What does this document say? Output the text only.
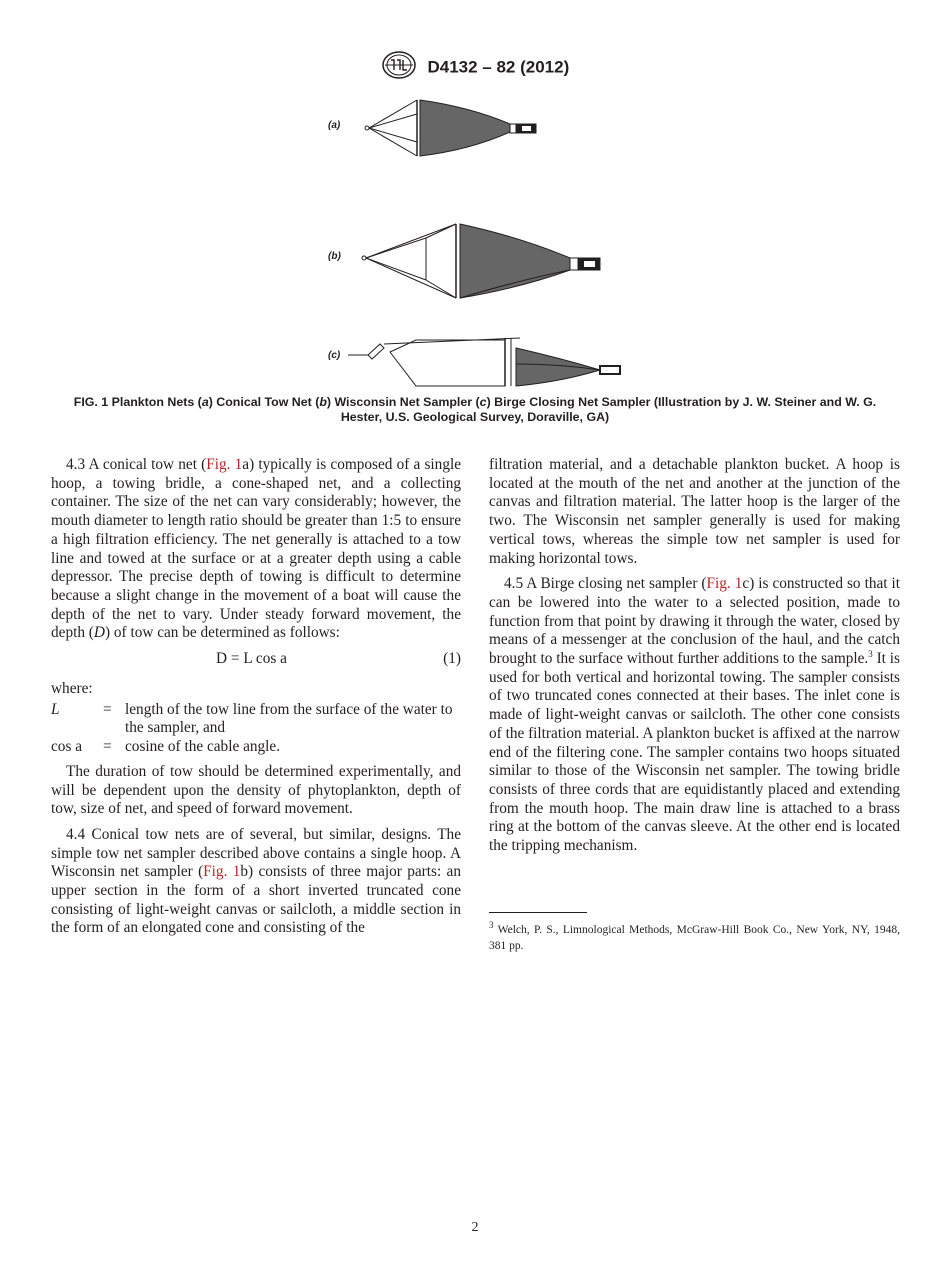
D4132 – 82 (2012)
(a)
(b)
(c)
FIG. 1 Plankton Nets (a) Conical Tow Net (b) Wisconsin Net Sampler (c) Birge Closing Net Sampler (Illustration by J. W. Steiner and W. G. Hester, U.S. Geological Survey, Doraville, GA)

4.3 A conical tow net (Fig. 1a) typically is composed of a single hoop, a towing bridle, a cone-shaped net, and a collecting container. The size of the net can vary considerably; however, the mouth diameter to length ratio should be greater than 1:5 to ensure a high filtration efficiency. The net generally is attached to a tow line and towed at the surface or at a greater depth using a cable depressor. The precise depth of towing is difficult to determine because a slight change in the movement of a boat will cause the depth of the net to vary. Under steady forward movement, the depth (D) of tow can be determined as follows:

D = L cos a	(1)

where:

L	= length of the tow line from the surface of the water to the sampler, and
cos a	= cosine of the cable angle.

The duration of tow should be determined experimentally, and will be dependent upon the density of phytoplankton, depth of tow, size of net, and speed of forward movement.

4.4 Conical tow nets are of several, but similar, designs. The simple tow net sampler described above contains a single hoop. A Wisconsin net sampler (Fig. 1b) consists of three major parts: an upper section in the form of a short inverted truncated cone consisting of light-weight canvas or sailcloth, a middle section in the form of an elongated cone and consisting of the

filtration material, and a detachable plankton bucket. A hoop is located at the mouth of the net and another at the junction of the canvas and filtration material. The latter hoop is the larger of the two. The Wisconsin net sampler generally is used for making vertical tows, whereas the simple tow net sampler is used for making horizontal tows.

4.5 A Birge closing net sampler (Fig. 1c) is constructed so that it can be lowered into the water to a selected position, made to function from that point by drawing it through the water, closed by means of a messenger at the conclusion of the haul, and the catch brought to the surface without further additions to the sample.$^3$ It is used for both vertical and horizontal towing. The sampler consists of two truncated cones connected at their bases. The inlet cone is made of light-weight canvas or sailcloth. The other cone consists of the filtration material. A plankton bucket is affixed at the narrow end of the filtering cone. The sampler contains two hoops situated similar to those of the Wisconsin net sampler. The towing bridle consists of three cords that are equidistantly placed and extending from the mouth hoop. The main draw line is attached to a brass ring at the bottom of the canvas sleeve. At the other end is located the tripping mechanism.

$^3$ Welch, P. S., Limnological Methods, McGraw-Hill Book Co., New York, NY, 1948, 381 pp.
2
